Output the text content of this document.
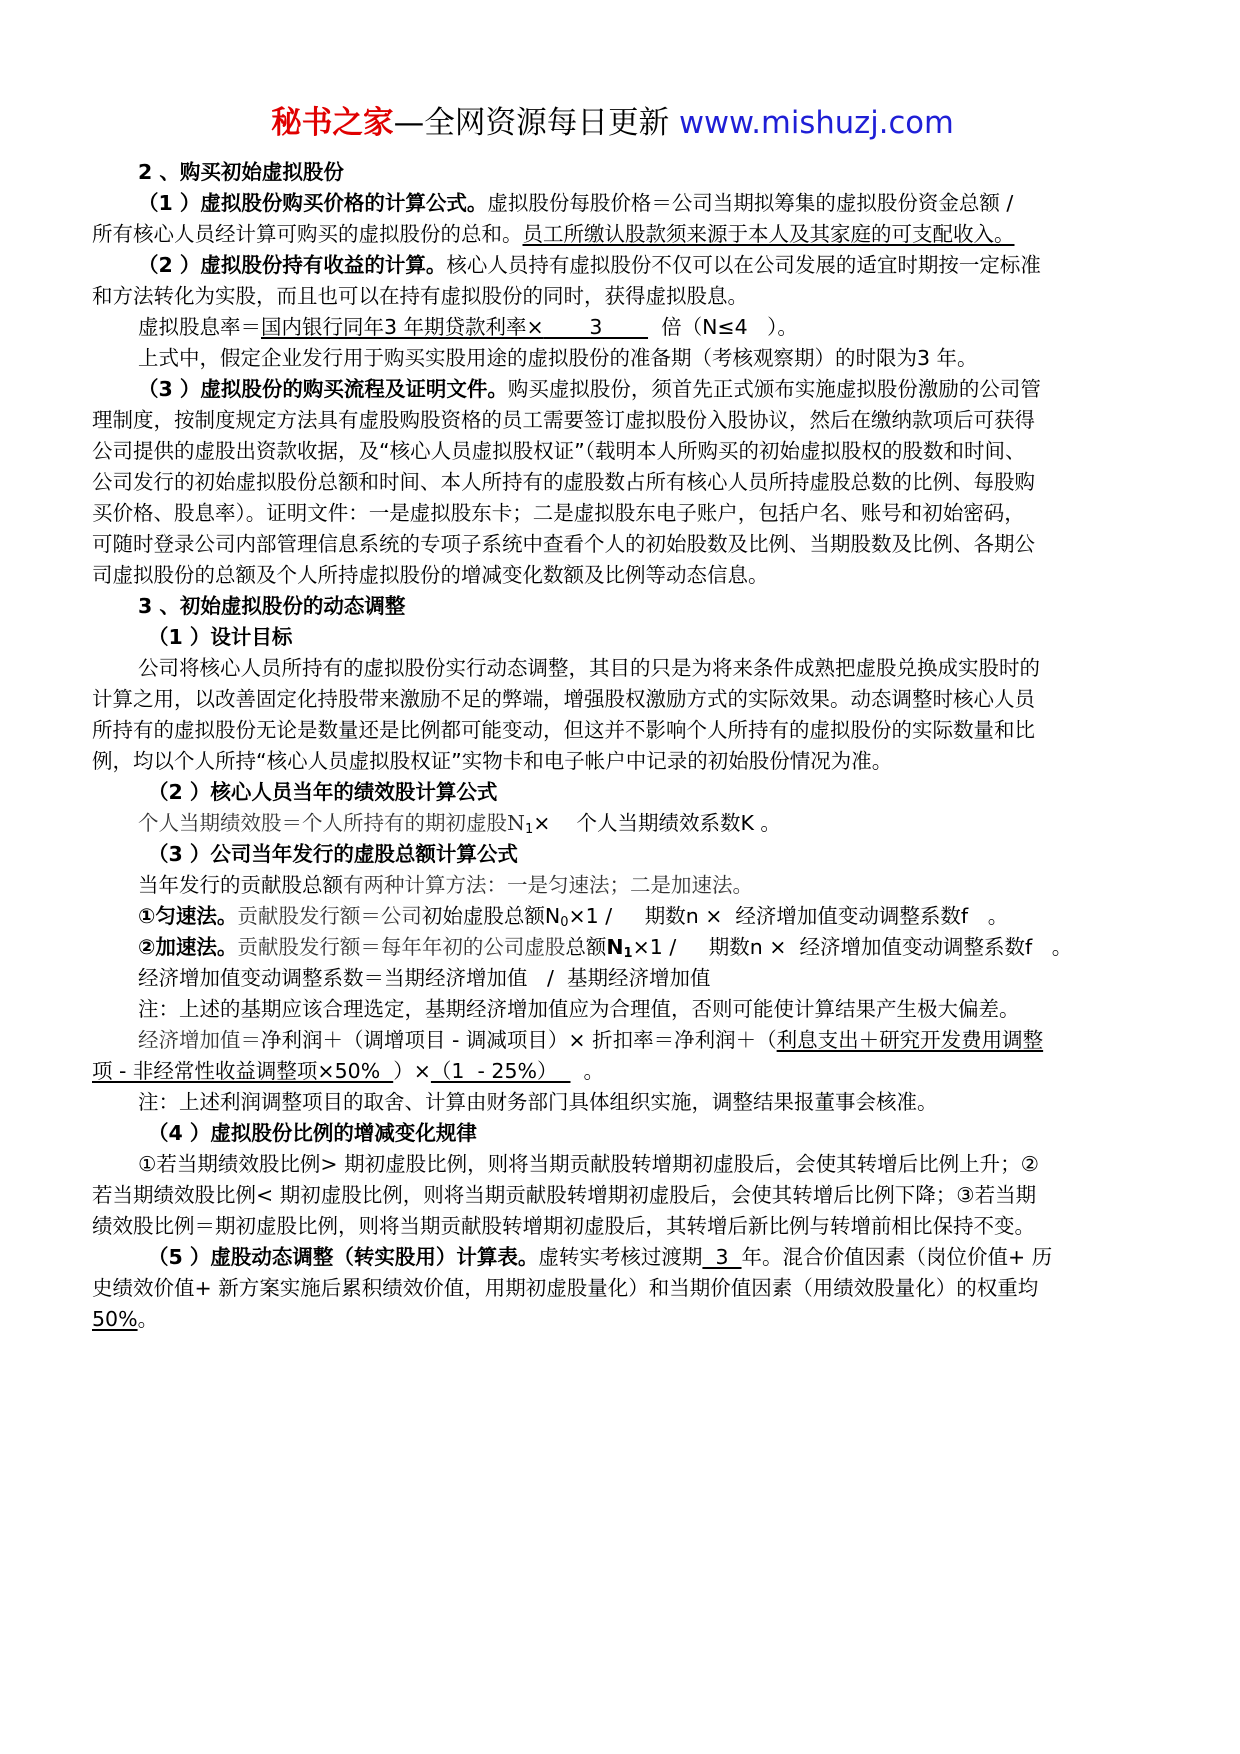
秘书之家—全网资源每日更新 www.mishuzj.com
2 、购买初始虚拟股份
（1 ）虚拟股份购买价格的计算公式。虚拟股份每股价格＝公司当期拟筹集的虚拟股份资金总额 /
所有核心人员经计算可购买的虚拟股份的总和。员工所缴认股款须来源于本人及其家庭的可支配收入。
（2 ）虚拟股份持有收益的计算。核心人员持有虚拟股份不仅可以在公司发展的适宜时期按一定标准
和方法转化为实股，而且也可以在持有虚拟股份的同时，获得虚拟股息。
虚拟股息率＝国内银行同年3 年期贷款利率×       3         倍（N≤4   ）。
上式中，假定企业发行用于购买实股用途的虚拟股份的准备期（考核观察期）的时限为3 年。
（3 ）虚拟股份的购买流程及证明文件。购买虚拟股份，须首先正式颁布实施虚拟股份激励的公司管
理制度，按制度规定方法具有虚股购股资格的员工需要签订虚拟股份入股协议，然后在缴纳款项后可获得
公司提供的虚股出资款收据，及“核心人员虚拟股权证”（载明本人所购买的初始虚拟股权的股数和时间、
公司发行的初始虚拟股份总额和时间、本人所持有的虚股数占所有核心人员所持虚股总数的比例、每股购
买价格、股息率）。证明文件：一是虚拟股东卡；二是虚拟股东电子账户，包括户名、账号和初始密码，
可随时登录公司内部管理信息系统的专项子系统中查看个人的初始股数及比例、当期股数及比例、各期公
司虚拟股份的总额及个人所持虚拟股份的增减变化数额及比例等动态信息。
3 、初始虚拟股份的动态调整
（1 ）设计目标
公司将核心人员所持有的虚拟股份实行动态调整，其目的只是为将来条件成熟把虚股兑换成实股时的
计算之用，以改善固定化持股带来激励不足的弊端，增强股权激励方式的实际效果。动态调整时核心人员
所持有的虚拟股份无论是数量还是比例都可能变动，但这并不影响个人所持有的虚拟股份的实际数量和比
例，均以个人所持“核心人员虚拟股权证”实物卡和电子帐户中记录的初始股份情况为准。
（2 ）核心人员当年的绩效股计算公式
个人当期绩效股＝个人所持有的期初虚股$N_1\times$    个人当期绩效系数K 。
（3 ）公司当年发行的虚股总额计算公式
当年发行的贡献股总额有两种计算方法：一是匀速法；二是加速法。
①匀速法。贡献股发行额＝公司初始虚股总额$N_0\times 1$ /     期数n ×  经济增加值变动调整系数f   。
②加速法。贡献股发行额＝每年年初的公司虚股总额$N_1\times 1$ /     期数n ×  经济增加值变动调整系数f   。
经济增加值变动调整系数＝当期经济增加值   /  基期经济增加值
注：上述的基期应该合理选定，基期经济增加值应为合理值，否则可能使计算结果产生极大偏差。
经济增加值＝净利润＋（调增项目 - 调减项目）× 折扣率＝净利润＋（利息支出＋研究开发费用调整
项 - 非经常性收益调整项×50%  ）×（1  - 25%）    。
注：上述利润调整项目的取舍、计算由财务部门具体组织实施，调整结果报董事会核准。
（4 ）虚拟股份比例的增减变化规律
①若当期绩效股比例> 期初虚股比例，则将当期贡献股转增期初虚股后，会使其转增后比例上升；②
若当期绩效股比例< 期初虚股比例，则将当期贡献股转增期初虚股后，会使其转增后比例下降；③若当期
绩效股比例＝期初虚股比例，则将当期贡献股转增期初虚股后，其转增后新比例与转增前相比保持不变。
（5 ）虚股动态调整（转实股用）计算表。虚转实考核过渡期  3  年。混合价值因素（岗位价值+ 历
史绩效价值+ 新方案实施后累积绩效价值，用期初虚股量化）和当期价值因素（用绩效股量化）的权重均
50%。
